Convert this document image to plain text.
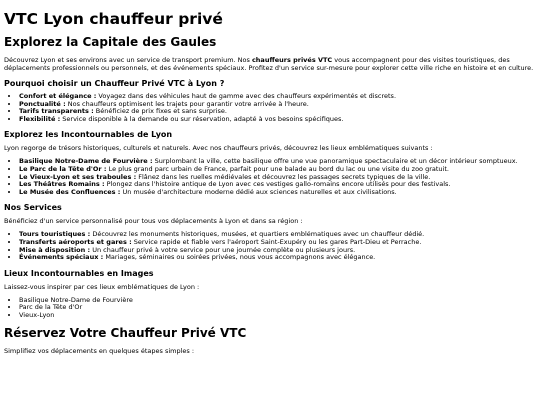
VTC Lyon chauffeur privé
Explorez la Capitale des Gaules

Découvrez Lyon et ses environs avec un service de transport premium. Nos chauffeurs privés VTC vous accompagnent pour des visites touristiques, des déplacements professionnels ou personnels, et des événements spéciaux. Profitez d'un service sur-mesure pour explorer cette ville riche en histoire et en culture.

Pourquoi choisir un Chauffeur Privé VTC à Lyon ?
• Confort et élégance : Voyagez dans des véhicules haut de gamme avec des chauffeurs expérimentés et discrets.
• Ponctualité : Nos chauffeurs optimisent les trajets pour garantir votre arrivée à l'heure.
• Tarifs transparents : Bénéficiez de prix fixes et sans surprise.
• Flexibilité : Service disponible à la demande ou sur réservation, adapté à vos besoins spécifiques.
Explorez les Incontournables de Lyon

Lyon regorge de trésors historiques, culturels et naturels. Avec nos chauffeurs privés, découvrez les lieux emblématiques suivants :

• Basilique Notre-Dame de Fourvière : Surplombant la ville, cette basilique offre une vue panoramique spectaculaire et un décor intérieur somptueux.
• Le Parc de la Tête d'Or : Le plus grand parc urbain de France, parfait pour une balade au bord du lac ou une visite du zoo gratuit.
• Le Vieux-Lyon et ses traboules : Flânez dans les ruelles médiévales et découvrez les passages secrets typiques de la ville.
• Les Théâtres Romains : Plongez dans l'histoire antique de Lyon avec ces vestiges gallo-romains encore utilisés pour des festivals.
• Le Musée des Confluences : Un musée d'architecture moderne dédié aux sciences naturelles et aux civilisations.
Nos Services

Bénéficiez d'un service personnalisé pour tous vos déplacements à Lyon et dans sa région :

• Tours touristiques : Découvrez les monuments historiques, musées, et quartiers emblématiques avec un chauffeur dédié.
• Transferts aéroports et gares : Service rapide et fiable vers l'aéroport Saint-Exupéry ou les gares Part-Dieu et Perrache.
• Mise à disposition : Un chauffeur privé à votre service pour une journée complète ou plusieurs jours.
• Événements spéciaux : Mariages, séminaires ou soirées privées, nous vous accompagnons avec élégance.
Lieux Incontournables en Images

Laissez-vous inspirer par ces lieux emblématiques de Lyon :

• Basilique Notre-Dame de Fourvière
• Parc de la Tête d'Or
• Vieux-Lyon
Réservez Votre Chauffeur Privé VTC

Simplifiez vos déplacements en quelques étapes simples :
